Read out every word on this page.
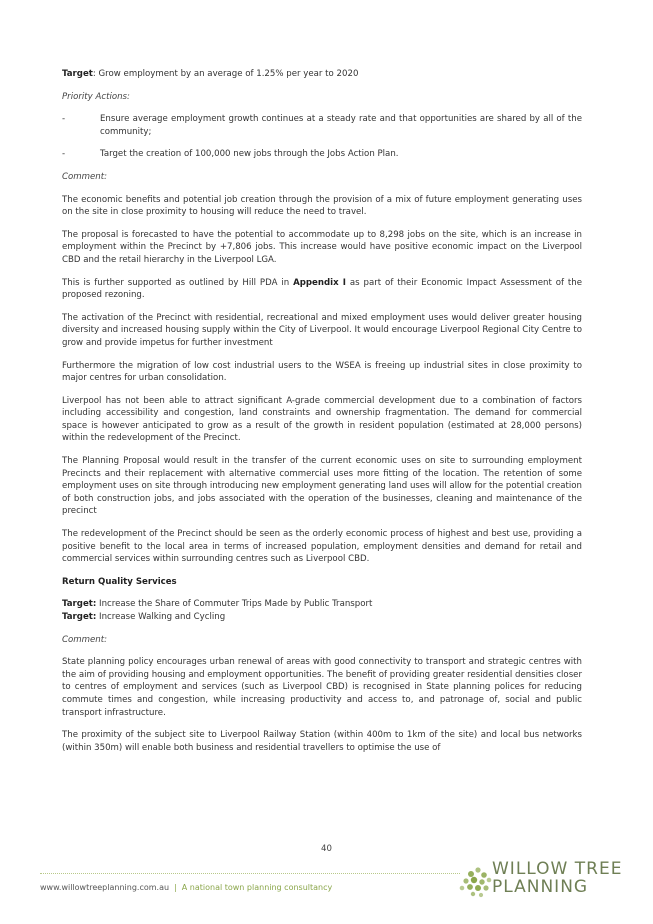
Target: Grow employment by an average of 1.25% per year to 2020

Priority Actions:

-	Ensure average employment growth continues at a steady rate and that opportunities are shared by all of the community;
-	Target the creation of 100,000 new jobs through the Jobs Action Plan.

Comment:

The economic benefits and potential job creation through the provision of a mix of future employment generating uses on the site in close proximity to housing will reduce the need to travel.

The proposal is forecasted to have the potential to accommodate up to 8,298 jobs on the site, which is an increase in employment within the Precinct by +7,806 jobs. This increase would have positive economic impact on the Liverpool CBD and the retail hierarchy in the Liverpool LGA.

This is further supported as outlined by Hill PDA in Appendix I as part of their Economic Impact Assessment of the proposed rezoning.

The activation of the Precinct with residential, recreational and mixed employment uses would deliver greater housing diversity and increased housing supply within the City of Liverpool. It would encourage Liverpool Regional City Centre to grow and provide impetus for further investment

Furthermore the migration of low cost industrial users to the WSEA is freeing up industrial sites in close proximity to major centres for urban consolidation.

Liverpool has not been able to attract significant A-grade commercial development due to a combination of factors including accessibility and congestion, land constraints and ownership fragmentation. The demand for commercial space is however anticipated to grow as a result of the growth in resident population (estimated at 28,000 persons) within the redevelopment of the Precinct.

The Planning Proposal would result in the transfer of the current economic uses on site to surrounding employment Precincts and their replacement with alternative commercial uses more fitting of the location. The retention of some employment uses on site through introducing new employment generating land uses will allow for the potential creation of both construction jobs, and jobs associated with the operation of the businesses, cleaning and maintenance of the precinct

The redevelopment of the Precinct should be seen as the orderly economic process of highest and best use, providing a positive benefit to the local area in terms of increased population, employment densities and demand for retail and commercial services within surrounding centres such as Liverpool CBD.

Return Quality Services

Target: Increase the Share of Commuter Trips Made by Public Transport

Target: Increase Walking and Cycling

Comment:

State planning policy encourages urban renewal of areas with good connectivity to transport and strategic centres with the aim of providing housing and employment opportunities. The benefit of providing greater residential densities closer to centres of employment and services (such as Liverpool CBD) is recognised in State planning polices for reducing commute times and congestion, while increasing productivity and access to, and patronage of, social and public transport infrastructure.

The proximity of the subject site to Liverpool Railway Station (within 400m to 1km of the site) and local bus networks (within 350m) will enable both business and residential travellers to optimise the use of

40
www.willowtreeplanning.com.au | A national town planning consultancy
WILLOW TREE
PLANNING
